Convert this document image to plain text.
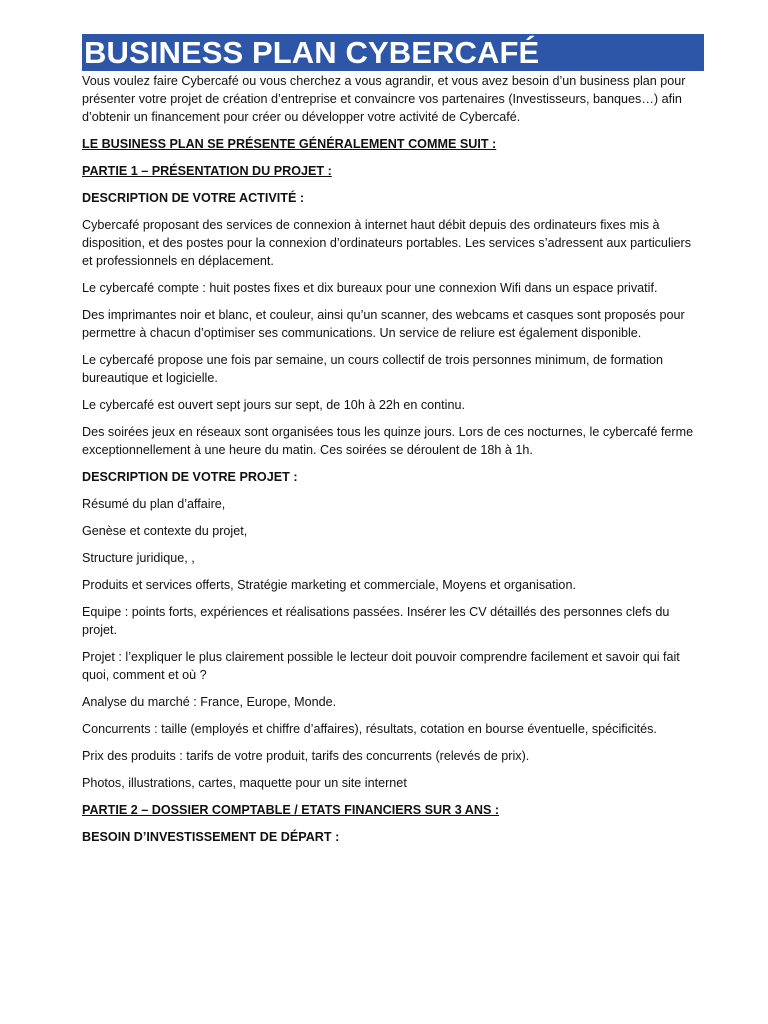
BUSINESS PLAN CYBERCAFÉ

Vous voulez faire Cybercafé ou vous cherchez a vous agrandir, et vous avez besoin d’un business plan pour présenter votre projet de création d’entreprise et convaincre vos partenaires (Investisseurs, banques…) afin d’obtenir un financement pour créer ou développer votre activité de Cybercafé.

LE BUSINESS PLAN SE PRÉSENTE GÉNÉRALEMENT COMME SUIT :

PARTIE 1 – PRÉSENTATION DU PROJET :

DESCRIPTION DE VOTRE ACTIVITÉ :

Cybercafé proposant des services de connexion à internet haut débit depuis des ordinateurs fixes mis à disposition, et des postes pour la connexion d’ordinateurs portables. Les services s’adressent aux particuliers et professionnels en déplacement.

Le cybercafé compte : huit postes fixes et dix bureaux pour une connexion Wifi dans un espace privatif.

Des imprimantes noir et blanc, et couleur, ainsi qu’un scanner, des webcams et casques sont proposés pour permettre à chacun d’optimiser ses communications. Un service de reliure est également disponible.

Le cybercafé propose une fois par semaine, un cours collectif de trois personnes minimum, de formation bureautique et logicielle.

Le cybercafé est ouvert sept jours sur sept, de 10h à 22h en continu.

Des soirées jeux en réseaux sont organisées tous les quinze jours. Lors de ces nocturnes, le cybercafé ferme exceptionnellement à une heure du matin. Ces soirées se déroulent de 18h à 1h.

DESCRIPTION DE VOTRE PROJET :

Résumé du plan d’affaire,

Genèse et contexte du projet,

Structure juridique, ,

Produits et services offerts, Stratégie marketing et commerciale, Moyens et organisation.

Equipe : points forts, expériences et réalisations passées. Insérer les CV détaillés des personnes clefs du projet.

Projet : l’expliquer le plus clairement possible le lecteur doit pouvoir comprendre facilement et savoir qui fait quoi, comment et où ?

Analyse du marché : France, Europe, Monde.

Concurrents : taille (employés et chiffre d’affaires), résultats, cotation en bourse éventuelle, spécificités.

Prix des produits : tarifs de votre produit, tarifs des concurrents (relevés de prix).

Photos, illustrations, cartes, maquette pour un site internet

PARTIE 2 – DOSSIER COMPTABLE / ETATS FINANCIERS SUR 3 ANS :

BESOIN D’INVESTISSEMENT DE DÉPART :
